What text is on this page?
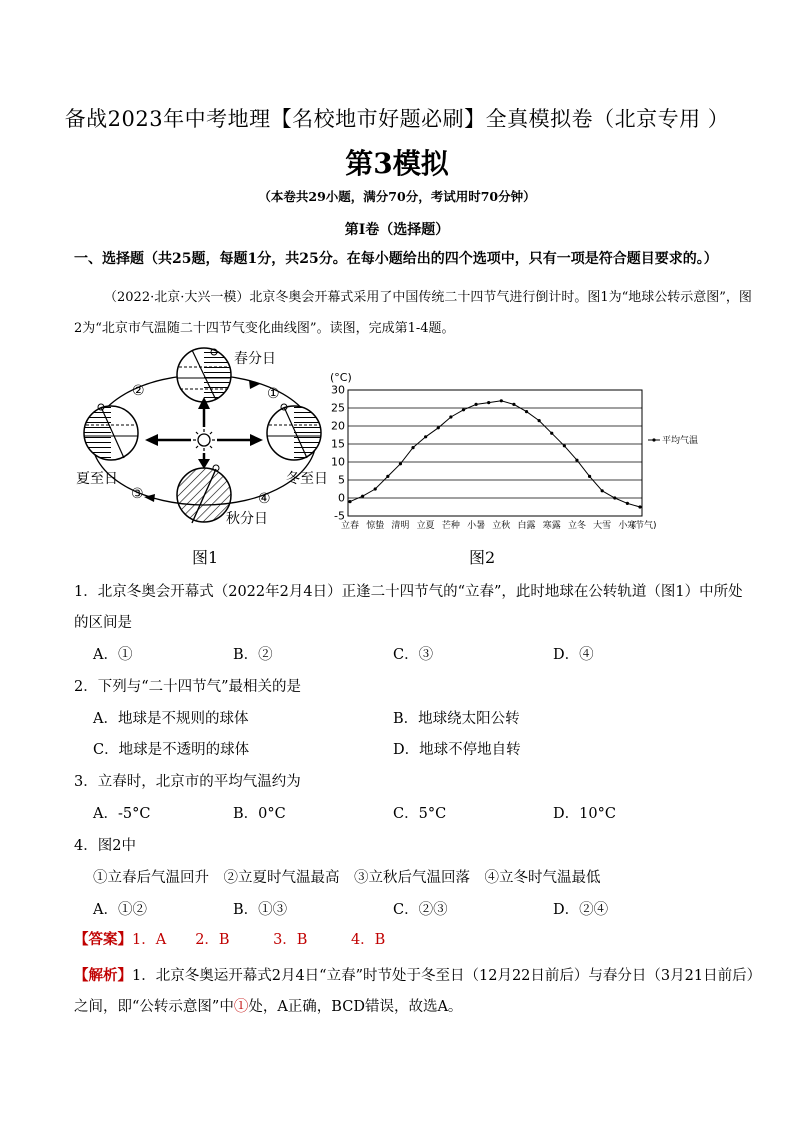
备战2023年中考地理【名校地市好题必刷】全真模拟卷（北京专用 ）
第3模拟
（本卷共29小题，满分70分，考试用时70分钟）
第I卷（选择题）
一、选择题（共25题，每题1分，共25分。在每小题给出的四个选项中，只有一项是符合题目要求的。）
（2022·北京·大兴一模）北京冬奥会开幕式采用了中国传统二十四节气进行倒计时。图1为“地球公转示意图”，图2为“北京市气温随二十四节气变化曲线图”。读图，完成第1-4题。
春分日
夏至日	冬至日
秋分日
①
②
③	④
图1
-5
0
5
10
15
20
25
30
立春 惊蛰 清明 立夏 芒种 小暑 立秋 白露 寒露 立冬 大雪 小寒
(节气)
(°C)
平均气温
图2
1．北京冬奥会开幕式（2022年2月4日）正逢二十四节气的“立春”，此时地球在公转轨道（图1）中所处
的区间是
A．①	B．②	C．③	D．④
2．下列与“二十四节气”最相关的是
A．地球是不规则的球体	B．地球绕太阳公转
C．地球是不透明的球体	D．地球不停地自转
3．立春时，北京市的平均气温约为
A．-5°C	B．0°C	C．5°C	D．10°C
4．图2中
①立春后气温回升　②立夏时气温最高　③立秋后气温回落　④立冬时气温最低
A．①②	B．①③	C．②③	D．②④
【答案】1．A　　2．B　　　3．B　　　4．B
【解析】1．北京冬奥运开幕式2月4日“立春”时节处于冬至日（12月22日前后）与春分日（3月21日前后）之间，即“公转示意图”中①处，A正确，BCD错误，故选A。
